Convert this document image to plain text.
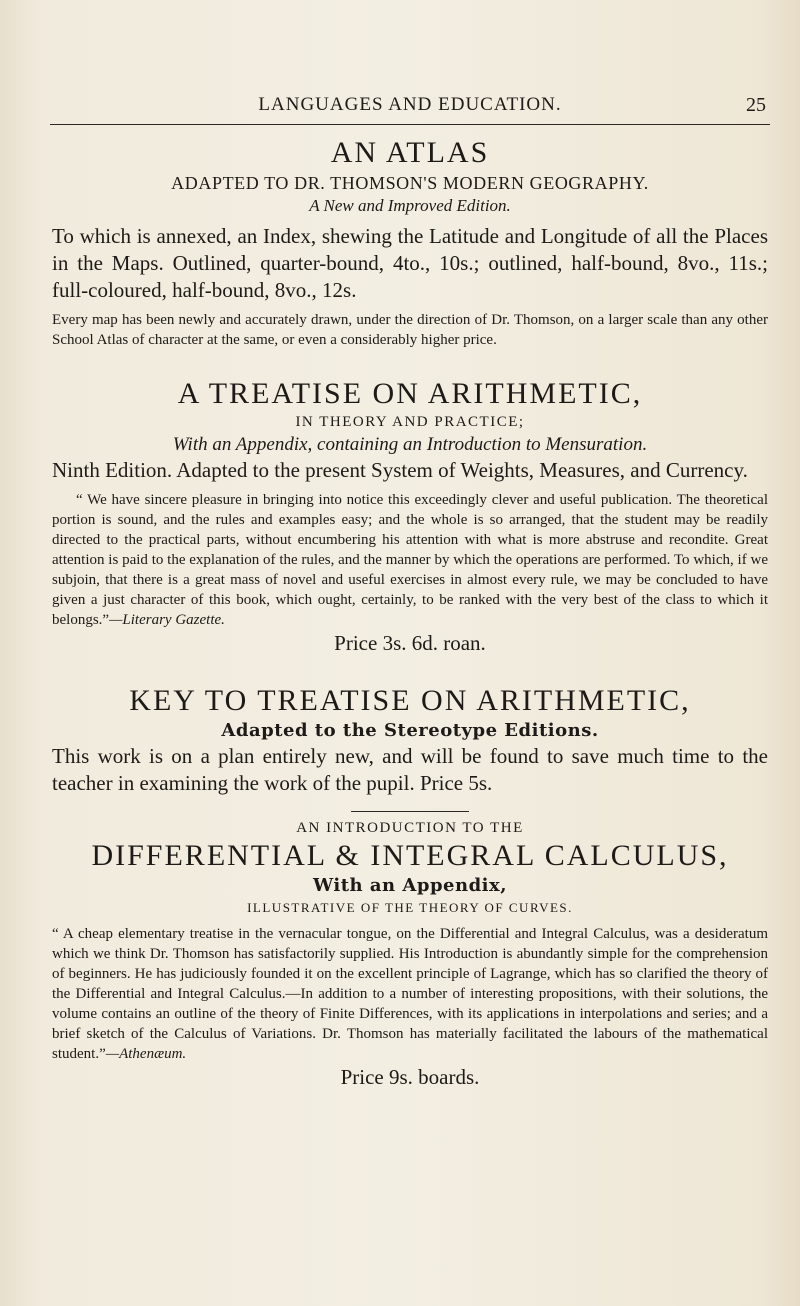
LANGUAGES AND EDUCATION.	25

AN ATLAS

ADAPTED TO DR. THOMSON'S MODERN GEOGRAPHY.

A New and Improved Edition.

To which is annexed, an Index, shewing the Latitude and Longitude of all the Places in the Maps. Outlined, quarter-bound, 4to., 10s.; outlined, half-bound, 8vo., 11s.; full-coloured, half-bound, 8vo., 12s.

Every map has been newly and accurately drawn, under the direction of Dr. Thomson, on a larger scale than any other School Atlas of character at the same, or even a considerably higher price.

A TREATISE ON ARITHMETIC,

IN THEORY AND PRACTICE;

With an Appendix, containing an Introduction to Mensuration.

Ninth Edition. Adapted to the present System of Weights, Measures, and Currency.

“ We have sincere pleasure in bringing into notice this exceedingly clever and useful publication. The theoretical portion is sound, and the rules and examples easy; and the whole is so arranged, that the student may be readily directed to the practical parts, without encumbering his attention with what is more abstruse and recondite. Great attention is paid to the explanation of the rules, and the manner by which the operations are performed. To which, if we subjoin, that there is a great mass of novel and useful exercises in almost every rule, we may be concluded to have given a just character of this book, which ought, certainly, to be ranked with the very best of the class to which it belongs.”—Literary Gazette.

Price 3s. 6d. roan.

KEY TO TREATISE ON ARITHMETIC,

Adapted to the Stereotype Editions.

This work is on a plan entirely new, and will be found to save much time to the teacher in examining the work of the pupil. Price 5s.

AN INTRODUCTION TO THE

DIFFERENTIAL & INTEGRAL CALCULUS,

With an Appendix,

ILLUSTRATIVE OF THE THEORY OF CURVES.

“ A cheap elementary treatise in the vernacular tongue, on the Differential and Integral Calculus, was a desideratum which we think Dr. Thomson has satisfactorily supplied. His Introduction is abundantly simple for the comprehension of beginners. He has judiciously founded it on the excellent principle of Lagrange, which has so clarified the theory of the Differential and Integral Calculus.—In addition to a number of interesting propositions, with their solutions, the volume contains an outline of the theory of Finite Differences, with its applications in interpolations and series; and a brief sketch of the Calculus of Variations. Dr. Thomson has materially facilitated the labours of the mathematical student.”—Athenæum.

Price 9s. boards.
